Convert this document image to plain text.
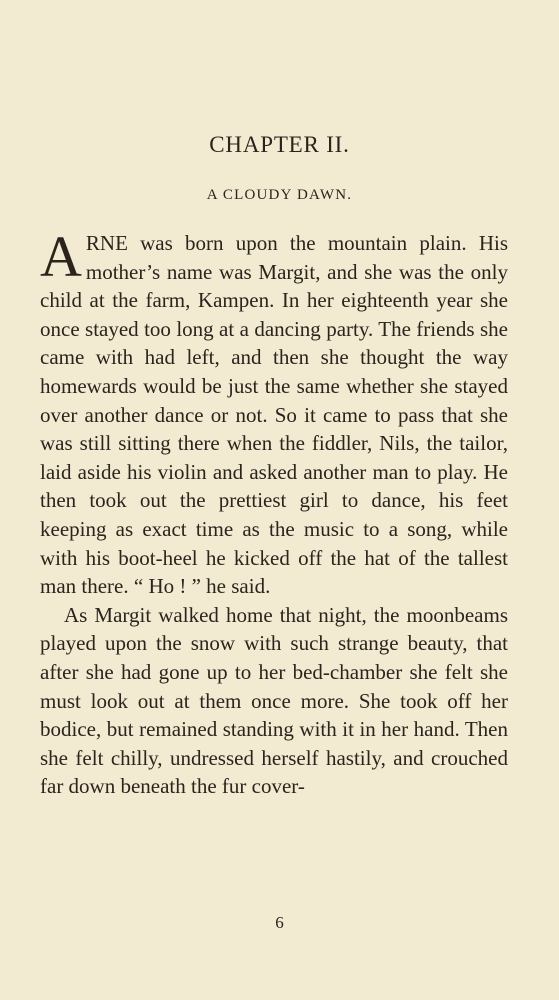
CHAPTER II.
A CLOUDY DAWN.

A RNE was born upon the mountain plain. His mother’s name was Margit, and she was the only child at the farm, Kampen. In her eighteenth year she once stayed too long at a dancing party. The friends she came with had left, and then she thought the way homewards would be just the same whether she stayed over another dance or not. So it came to pass that she was still sitting there when the fiddler, Nils, the tailor, laid aside his violin and asked another man to play. He then took out the prettiest girl to dance, his feet keeping as exact time as the music to a song, while with his boot-heel he kicked off the hat of the tallest man there. “ Ho ! ” he said.

As Margit walked home that night, the moonbeams played upon the snow with such strange beauty, that after she had gone up to her bed-chamber she felt she must look out at them once more. She took off her bodice, but remained standing with it in her hand. Then she felt chilly, undressed herself hastily, and crouched far down beneath the fur cover-

6
